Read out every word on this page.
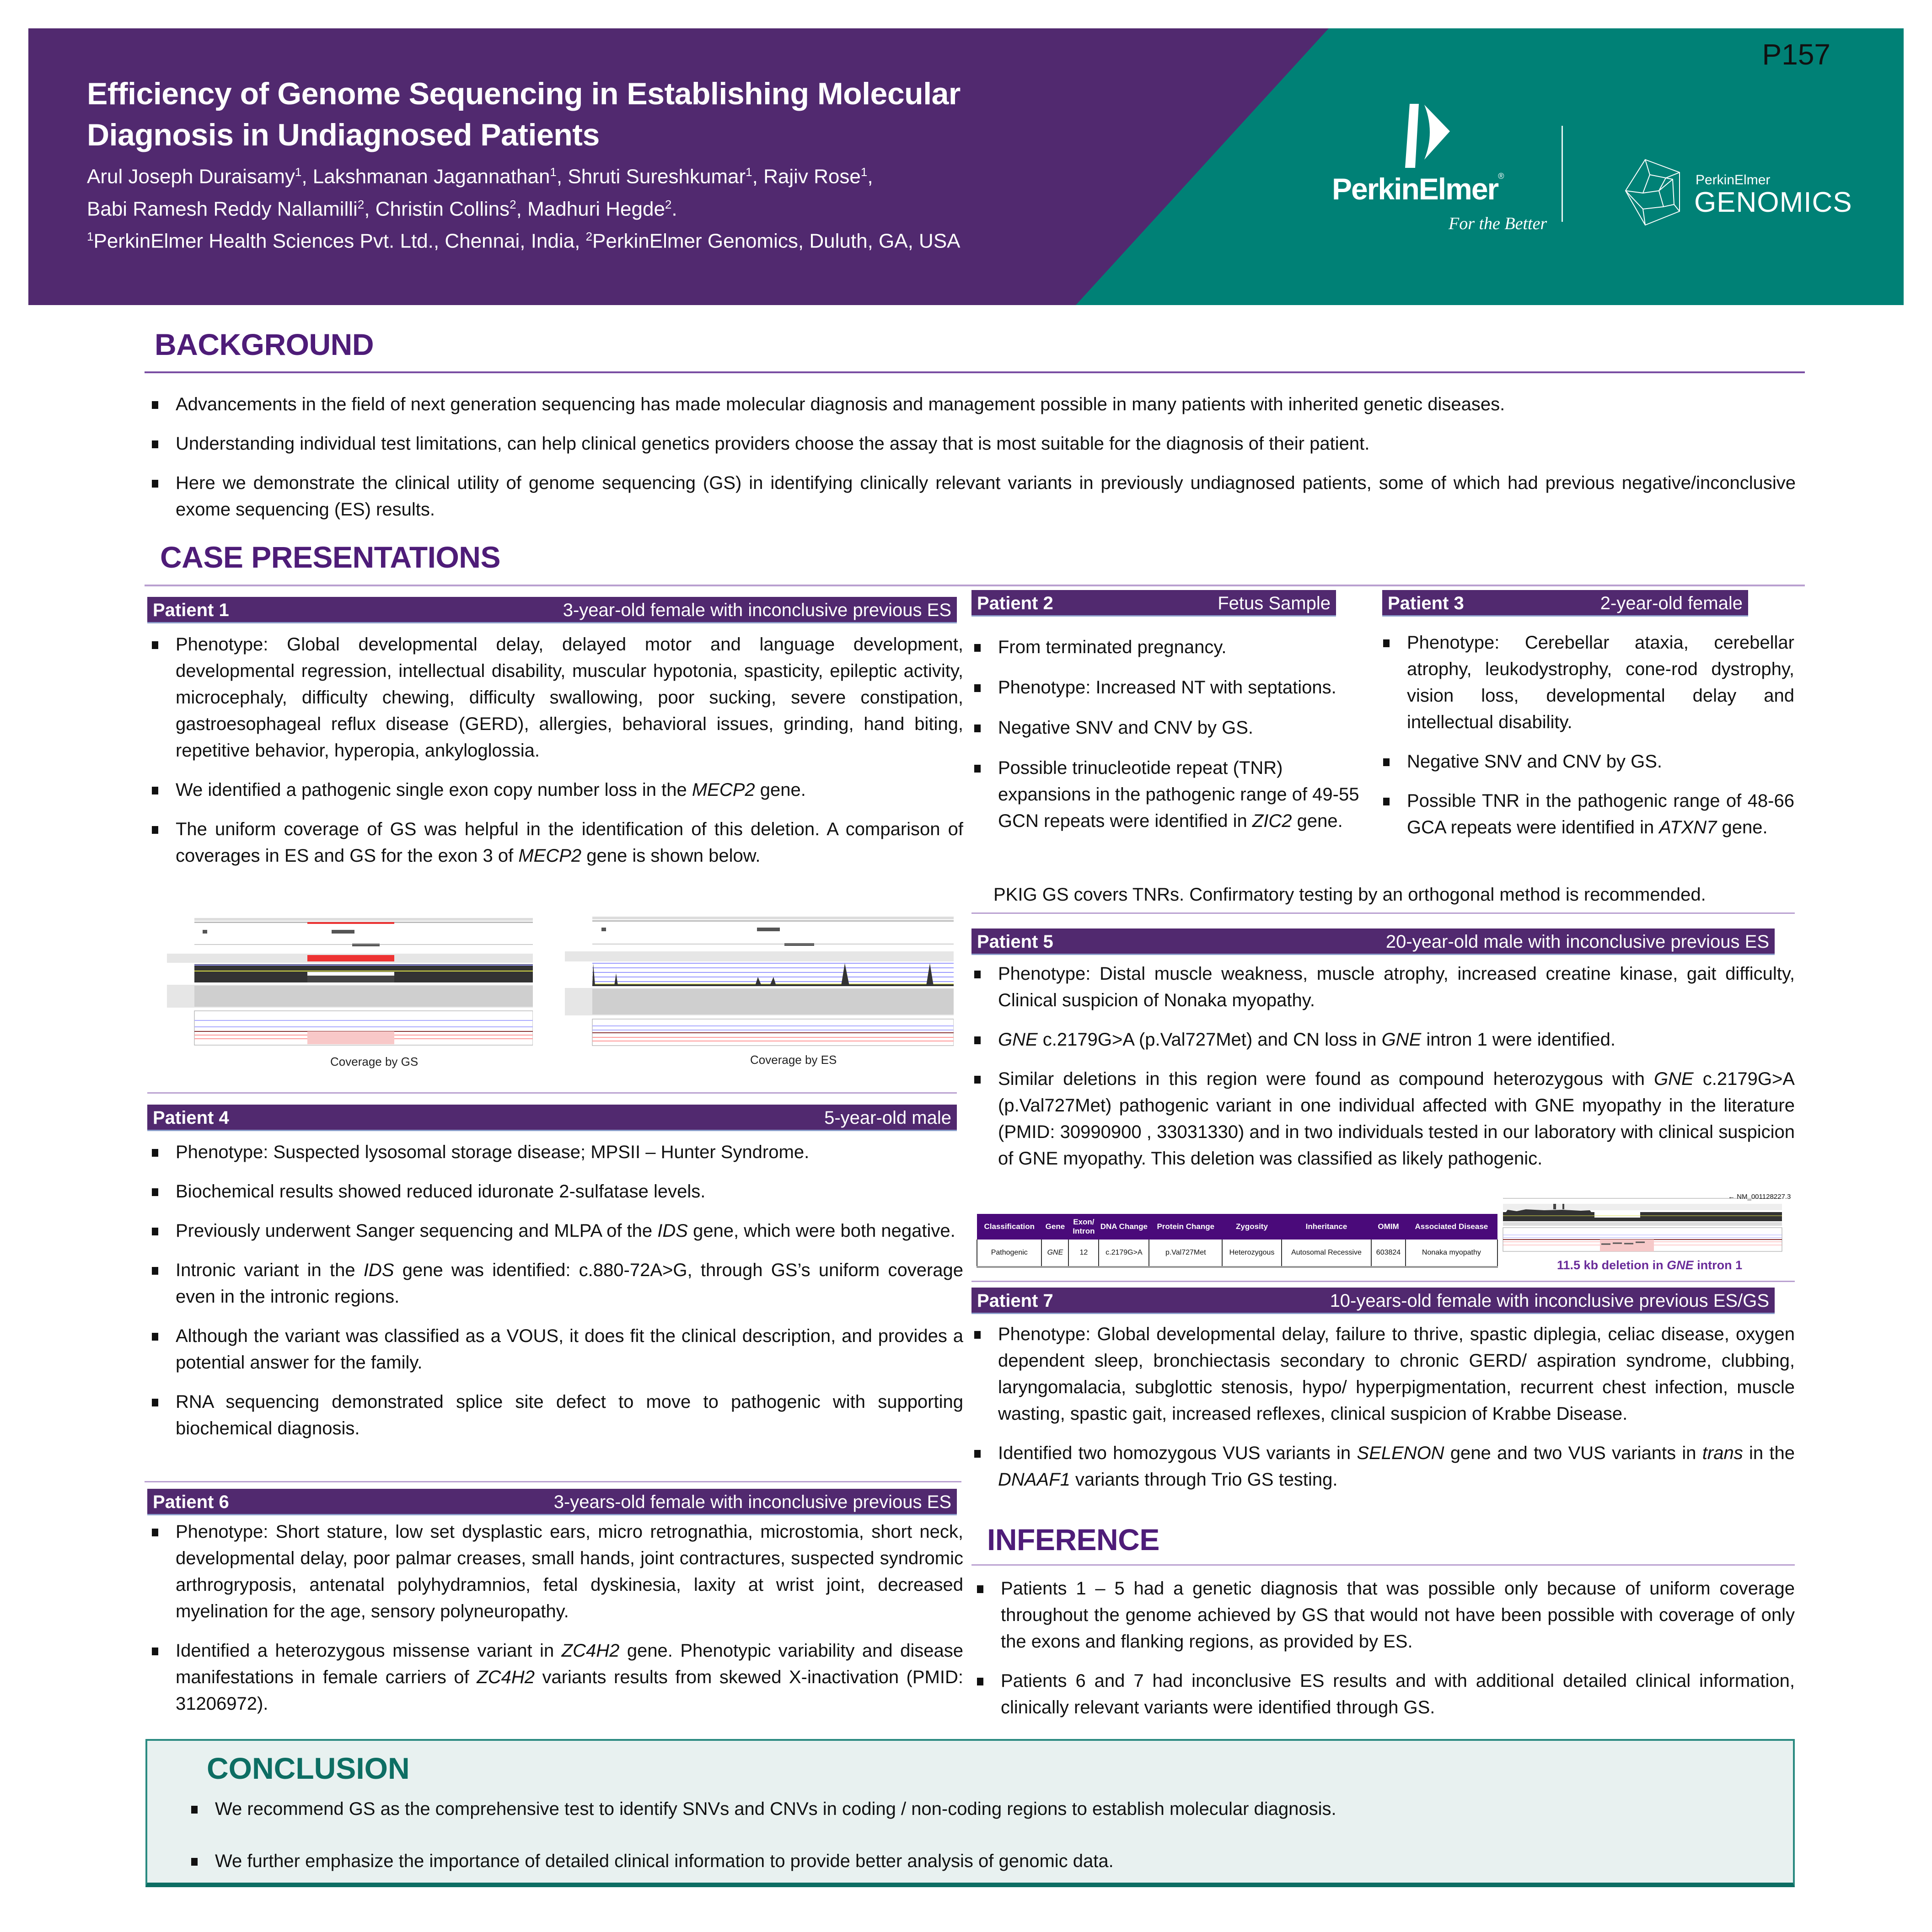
Efficiency of Genome Sequencing in Establishing Molecular
Diagnosis in Undiagnosed Patients
Arul Joseph Duraisamy$^1$, Lakshmanan Jagannathan$^1$, Shruti Sureshkumar$^1$, Rajiv Rose$^1$,
Babi Ramesh Reddy Nallamilli$^2$, Christin Collins$^2$, Madhuri Hegde$^2$.
$^1$PerkinElmer Health Sciences Pvt. Ltd., Chennai, India, $^2$PerkinElmer Genomics, Duluth, GA, USA
P157
PerkinElmer®
For the Better
PerkinElmer
GENOMICS
BACKGROUND
Advancements in the field of next generation sequencing has made molecular diagnosis and management possible in many patients with inherited genetic diseases.
Understanding individual test limitations, can help clinical genetics providers choose the assay that is most suitable for the diagnosis of their patient.
Here we demonstrate the clinical utility of genome sequencing (GS) in identifying clinically relevant variants in previously undiagnosed patients, some of which had previous negative/inconclusive exome sequencing (ES) results.
CASE PRESENTATIONS
Patient 1	3-year-old female with inconclusive previous ES
Phenotype: Global developmental delay, delayed motor and language development, developmental regression, intellectual disability, muscular hypotonia, spasticity, epileptic activity, microcephaly, difficulty chewing, difficulty swallowing, poor sucking, severe constipation, gastroesophageal reflux disease (GERD), allergies, behavioral issues, grinding, hand biting, repetitive behavior, hyperopia, ankyloglossia.
We identified a pathogenic single exon copy number loss in the MECP2 gene.
The uniform coverage of GS was helpful in the identification of this deletion. A comparison of coverages in ES and GS for the exon 3 of MECP2 gene is shown below.
Coverage by GS	Coverage by ES
Patient 2	Fetus Sample
From terminated pregnancy.
Phenotype: Increased NT with septations.
Negative SNV and CNV by GS.
Possible trinucleotide repeat (TNR) expansions in the pathogenic range of 49-55 GCN repeats were identified in ZIC2 gene.
Patient 3	2-year-old female
Phenotype: Cerebellar ataxia, cerebellar atrophy, leukodystrophy, cone-rod dystrophy, vision loss, developmental delay and intellectual disability.
Negative SNV and CNV by GS.
Possible TNR in the pathogenic range of 48-66 GCA repeats were identified in ATXN7 gene.
PKIG GS covers TNRs. Confirmatory testing by an orthogonal method is recommended.
Patient 5	20-year-old male with inconclusive previous ES
Phenotype: Distal muscle weakness, muscle atrophy, increased creatine kinase, gait difficulty, Clinical suspicion of Nonaka myopathy.
GNE c.2179G>A (p.Val727Met) and CN loss in GNE intron 1 were identified.
Similar deletions in this region were found as compound heterozygous with GNE c.2179G>A (p.Val727Met) pathogenic variant in one individual affected with GNE myopathy in the literature (PMID: 30990900 , 33031330) and in two individuals tested in our laboratory with clinical suspicion of GNE myopathy. This deletion was classified as likely pathogenic.
Classification	Gene	Exon/ Intron	DNA Change	Protein Change	Zygosity	Inheritance	OMIM	Associated Disease
Pathogenic	GNE	12	c.2179G>A	p.Val727Met	Heterozygous	Autosomal Recessive	603824	Nonaka myopathy
← NM_001128227.3
11.5 kb deletion in GNE intron 1
Patient 4	5-year-old male
Phenotype: Suspected lysosomal storage disease; MPSII – Hunter Syndrome.
Biochemical results showed reduced iduronate 2-sulfatase levels.
Previously underwent Sanger sequencing and MLPA of the IDS gene, which were both negative.
Intronic variant in the IDS gene was identified: c.880-72A>G, through GS’s uniform coverage even in the intronic regions.
Although the variant was classified as a VOUS, it does fit the clinical description, and provides a potential answer for the family.
RNA sequencing demonstrated splice site defect to move to pathogenic with supporting biochemical diagnosis.
Patient 6	3-years-old female with inconclusive previous ES
Phenotype: Short stature, low set dysplastic ears, micro retrognathia, microstomia, short neck, developmental delay, poor palmar creases, small hands, joint contractures, suspected syndromic arthrogryposis, antenatal polyhydramnios, fetal dyskinesia, laxity at wrist joint, decreased myelination for the age, sensory polyneuropathy.
Identified a heterozygous missense variant in ZC4H2 gene. Phenotypic variability and disease manifestations in female carriers of ZC4H2 variants results from skewed X-inactivation (PMID: 31206972).
Patient 7	10-years-old female with inconclusive previous ES/GS
Phenotype: Global developmental delay, failure to thrive, spastic diplegia, celiac disease, oxygen dependent sleep, bronchiectasis secondary to chronic GERD/ aspiration syndrome, clubbing, laryngomalacia, subglottic stenosis, hypo/ hyperpigmentation, recurrent chest infection, muscle wasting, spastic gait, increased reflexes, clinical suspicion of Krabbe Disease.
Identified two homozygous VUS variants in SELENON gene and two VUS variants in trans in the DNAAF1 variants through Trio GS testing.
INFERENCE
Patients 1 – 5 had a genetic diagnosis that was possible only because of uniform coverage throughout the genome achieved by GS that would not have been possible with coverage of only the exons and flanking regions, as provided by ES.
Patients 6 and 7 had inconclusive ES results and with additional detailed clinical information, clinically relevant variants were identified through GS.
CONCLUSION
We recommend GS as the comprehensive test to identify SNVs and CNVs in coding / non-coding regions to establish molecular diagnosis.
We further emphasize the importance of detailed clinical information to provide better analysis of genomic data.
